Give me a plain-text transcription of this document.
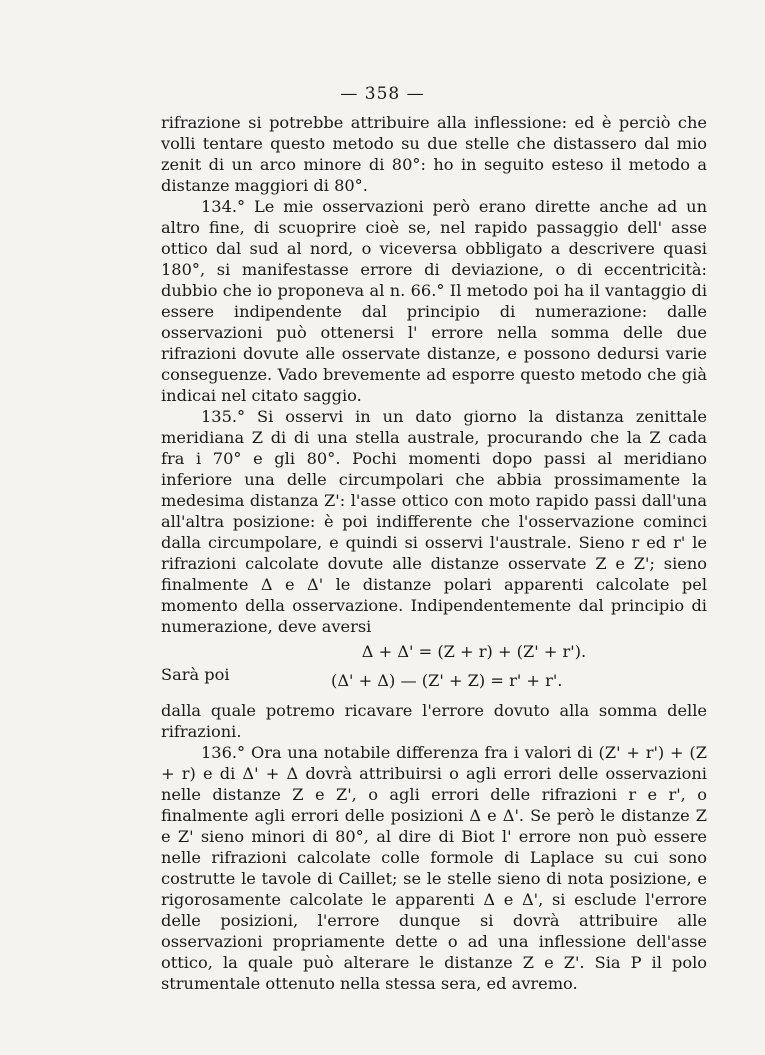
— 358 —

rifrazione si potrebbe attribuire alla inflessione: ed è perciò che volli tentare questo metodo su due stelle che distassero dal mio zenit di un arco minore di 80°: ho in seguito esteso il metodo a distanze maggiori di 80°.

134.° Le mie osservazioni però erano dirette anche ad un altro fine, di scuoprire cioè se, nel rapido passaggio dell' asse ottico dal sud al nord, o viceversa obbligato a descrivere quasi 180°, si manifestasse errore di deviazione, o di eccentricità: dubbio che io proponeva al n. 66.° Il metodo poi ha il vantaggio di essere indipendente dal principio di numerazione: dalle osservazioni può ottenersi l' errore nella somma delle due rifrazioni dovute alle osservate distanze, e possono dedursi varie conseguenze. Vado brevemente ad esporre questo metodo che già indicai nel citato saggio.

135.° Si osservi in un dato giorno la distanza zenittale meridiana Z di di una stella australe, procurando che la Z cada fra i 70° e gli 80°. Pochi momenti dopo passi al meridiano inferiore una delle circumpolari che abbia prossimamente la medesima distanza Z': l'asse ottico con moto rapido passi dall'una all'altra posizione: è poi indifferente che l'osservazione cominci dalla circumpolare, e quindi si osservi l'australe. Sieno r ed r' le rifrazioni calcolate dovute alle distanze osservate Z e Z'; sieno finalmente Δ e Δ' le distanze polari apparenti calcolate pel momento della osservazione. Indipendentemente dal principio di numerazione, deve aversi

Δ + Δ' = (Z + r) + (Z' + r').
Sarà poi	(Δ' + Δ) — (Z' + Z) = r' + r'.

dalla quale potremo ricavare l'errore dovuto alla somma delle rifrazioni.

136.° Ora una notabile differenza fra i valori di (Z' + r') + (Z + r) e di Δ' + Δ dovrà attribuirsi o agli errori delle osservazioni nelle distanze Z e Z', o agli errori delle rifrazioni r e r', o finalmente agli errori delle posizioni Δ e Δ'. Se però le distanze Z e Z' sieno minori di 80°, al dire di Biot l' errore non può essere nelle rifrazioni calcolate colle formole di Laplace su cui sono costrutte le tavole di Caillet; se le stelle sieno di nota posizione, e rigorosamente calcolate le apparenti Δ e Δ', si esclude l'errore delle posizioni, l'errore dunque si dovrà attribuire alle osservazioni propriamente dette o ad una inflessione dell'asse ottico, la quale può alterare le distanze Z e Z'. Sia P il polo strumentale ottenuto nella stessa sera, ed avremo.
